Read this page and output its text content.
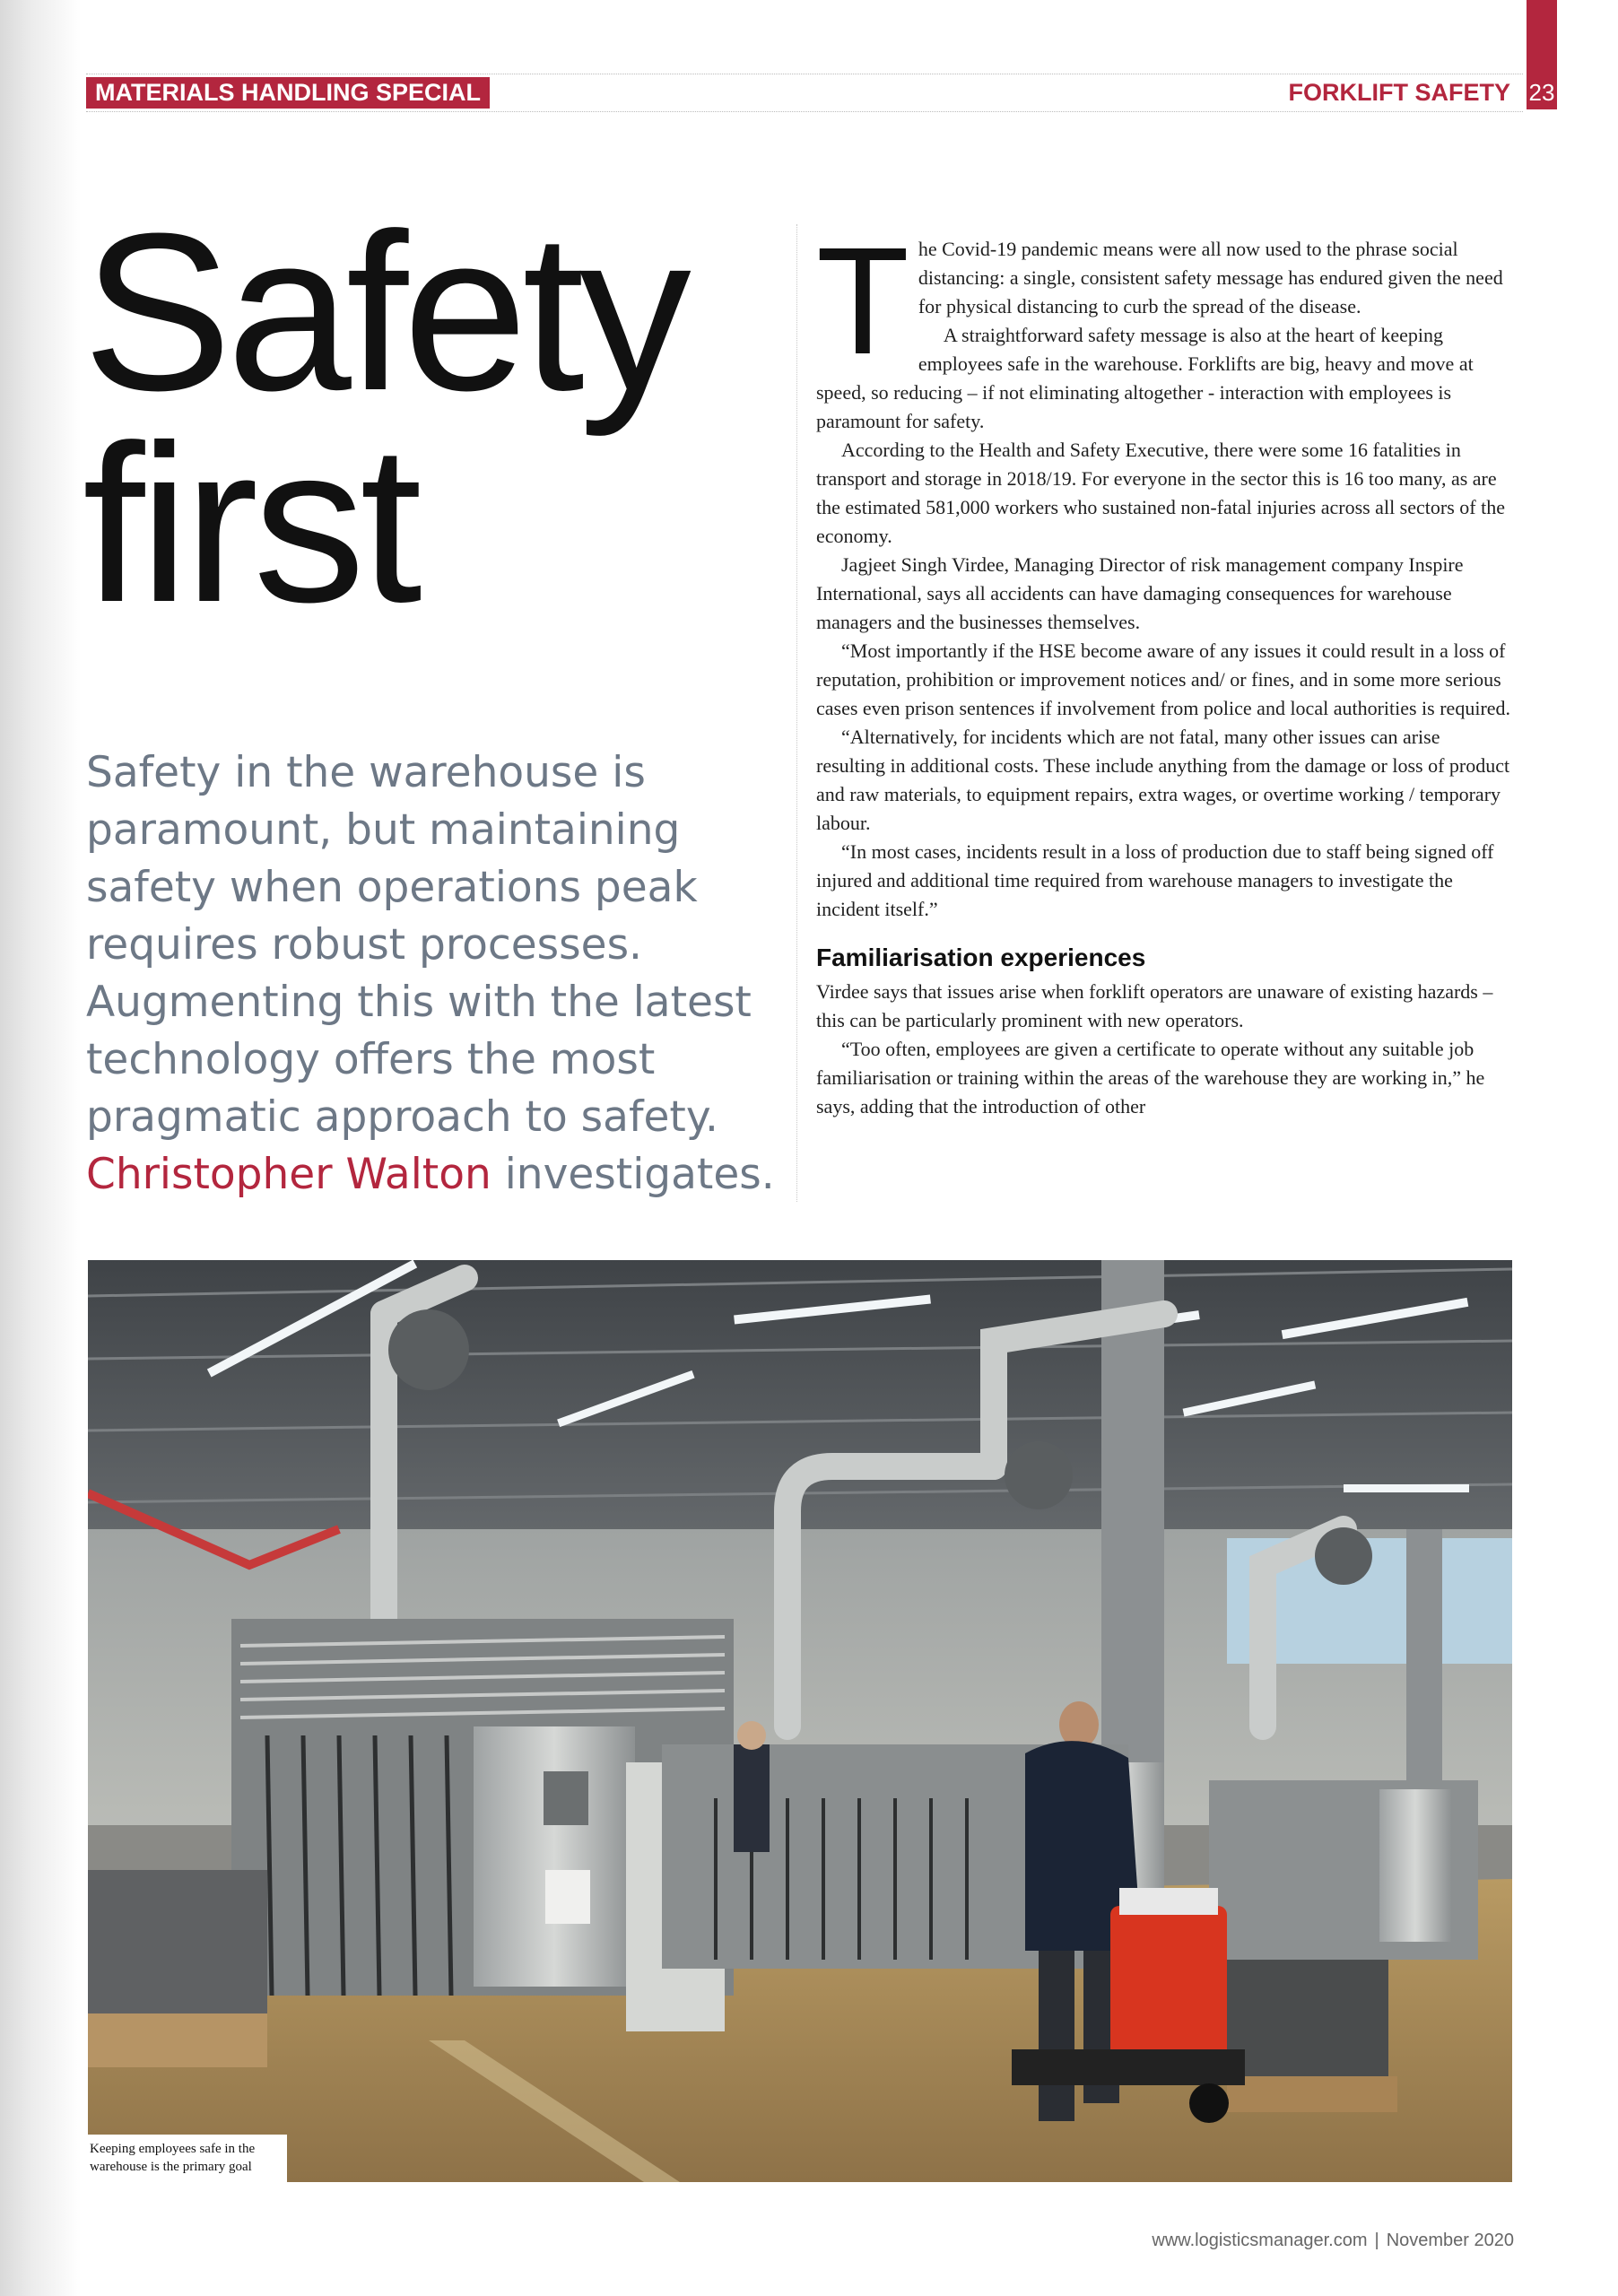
23
MATERIALS HANDLING SPECIAL	FORKLIFT SAFETY
Safety
first
Safety in the warehouse is paramount, but maintaining safety when operations peak requires robust processes. Augmenting this with the latest technology offers the most pragmatic approach to safety. Christopher Walton investigates.

The Covid-19 pandemic means were all now used to the phrase social distancing: a single, consistent safety message has endured given the need for physical distancing to curb the spread of the disease.

A straightforward safety message is also at the heart of keeping employees safe in the warehouse. Forklifts are big, heavy and move at speed, so reducing – if not eliminating altogether - interaction with employees is paramount for safety.

According to the Health and Safety Executive, there were some 16 fatalities in transport and storage in 2018/19. For everyone in the sector this is 16 too many, as are the estimated 581,000 workers who sustained non-fatal injuries across all sectors of the economy.

Jagjeet Singh Virdee, Managing Director of risk management company Inspire International, says all accidents can have damaging consequences for warehouse managers and the businesses themselves.

“Most importantly if the HSE become aware of any issues it could result in a loss of reputation, prohibition or improvement notices and/ or fines, and in some more serious cases even prison sentences if involvement from police and local authorities is required.

“Alternatively, for incidents which are not fatal, many other issues can arise resulting in additional costs. These include anything from the damage or loss of product and raw materials, to equipment repairs, extra wages, or overtime working / temporary labour.

“In most cases, incidents result in a loss of production due to staff being signed off injured and additional time required from warehouse managers to investigate the incident itself.”

Familiarisation experiences

Virdee says that issues arise when forklift operators are unaware of existing hazards – this can be particularly prominent with new operators.

“Too often, employees are given a certificate to operate without any suitable job familiarisation or training within the areas of the warehouse they are working in,” he says, adding that the introduction of other

Keeping employees safe in the warehouse is the primary goal
www.logisticsmanager.com | November 2020
